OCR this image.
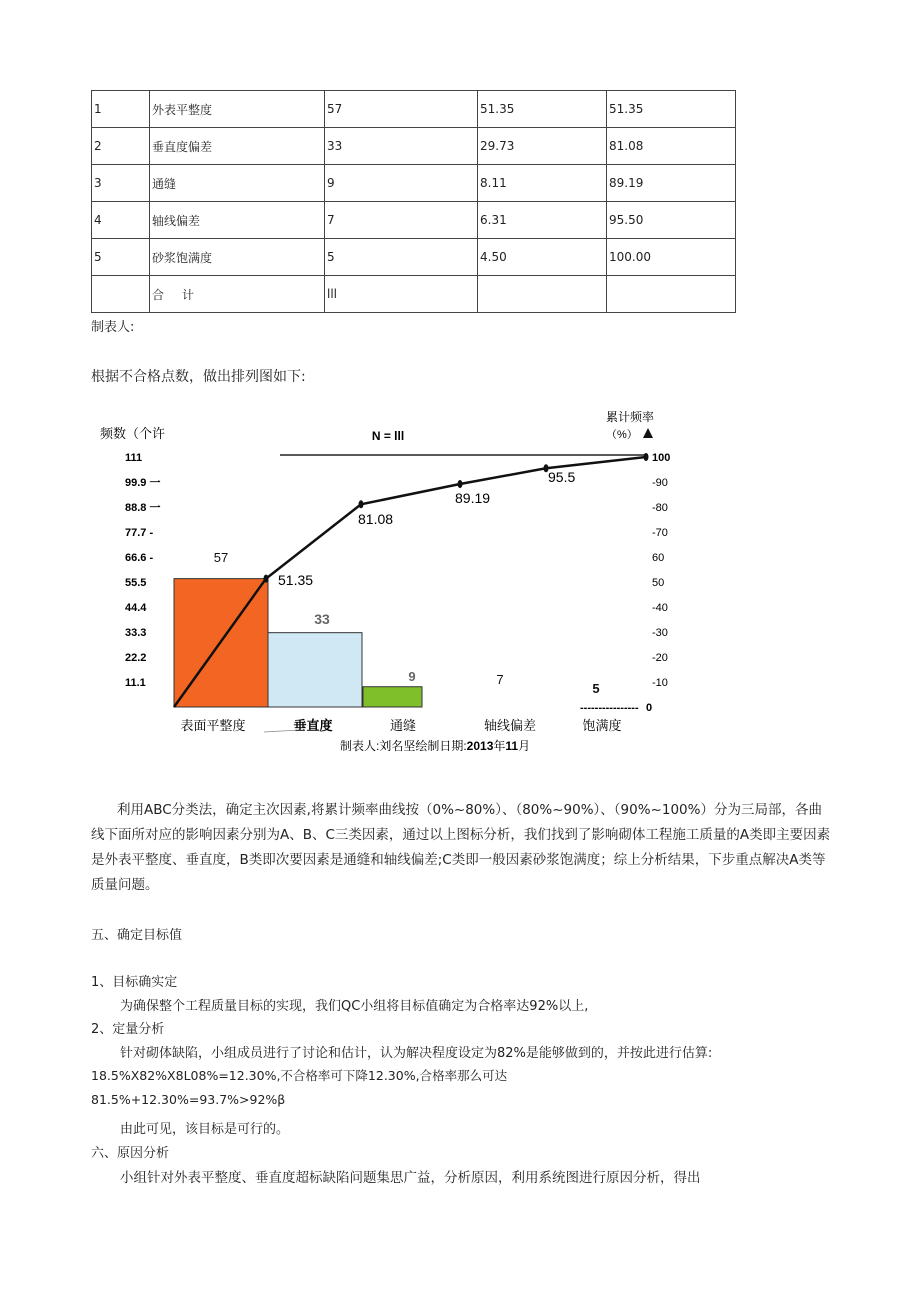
1	外表平整度	57	51.35	51.35
2	垂直度偏差	33	29.73	81.08
3	通缝	9	8.11	89.19
4	轴线偏差	7	6.31	95.50
5	砂浆饱满度	5	4.50	100.00
	合计	lll		
制表人:
根据不合格点数，做出排列图如下:
频数（个许
累计频率
（%）
N = lll
111
99.9 一
88.8 一
77.7 -
66.6 -
55.5
44.4
33.3
22.2
11.1
100
-90
-80
-70
60
50
-40
-30
-20
-10
0
57
33
9	7
5
----------------
51.35
81.08
89.19
95.5
表面平整度	垂直度	通缝	轴线偏差	饱满度
制表人:刘名坚绘制日期:2013年11月
利用ABC分类法，确定主次因素,将累计频率曲线按（0%~80%）、（80%~90%）、（90%~100%）分为三局部，各曲线下面所对应的影响因素分别为A、B、C三类因素，通过以上图标分析，我们找到了影响砌体工程施工质量的A类即主要因素是外表平整度、垂直度，B类即次要因素是通缝和轴线偏差;C类即一般因素砂浆饱满度；综上分析结果，下步重点解决A类等质量问题。
五、确定目标值
1、目标确实定
为确保整个工程质量目标的实现，我们QC小组将目标值确定为合格率达92%以上,
2、定量分析
针对砌体缺陷，小组成员进行了讨论和估计，认为解决程度设定为82%是能够做到的，并按此进行估算:
18.5%X82%X8L08%=12.30%,不合格率可下降12.30%,合格率那么可达
81.5%+12.30%=93.7%>92%β
由此可见，该目标是可行的。
六、原因分析
小组针对外表平整度、垂直度超标缺陷问题集思广益，分析原因，利用系统图进行原因分析，得出
